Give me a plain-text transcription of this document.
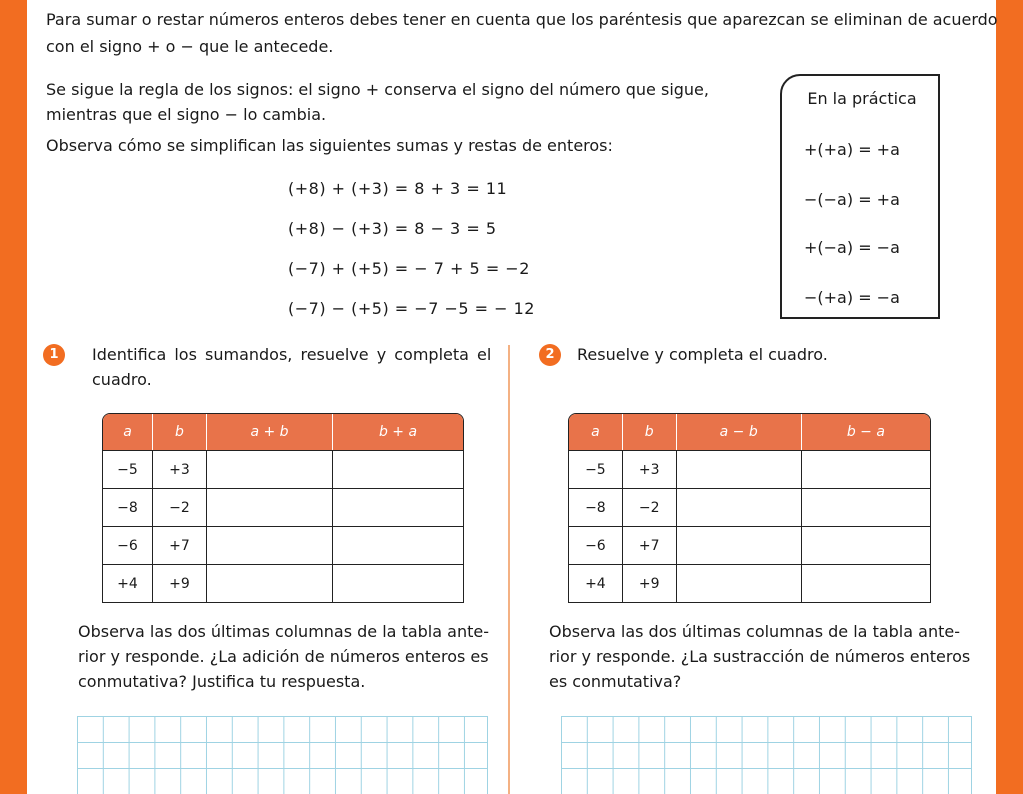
Para sumar o restar números enteros debes tener en cuenta que los paréntesis que aparezcan se eliminan de acuerdo
con el signo + o − que le antecede.
Se sigue la regla de los signos: el signo + conserva el signo del número que sigue,
mientras que el signo − lo cambia.
Observa cómo se simplifican las siguientes sumas y restas de enteros:
(+8) + (+3) = 8 + 3 = 11
(+8) − (+3) = 8 − 3 = 5
(−7) + (+5) = − 7 + 5 = −2
(−7) − (+5) = −7 −5 = − 12
En la práctica
+(+a) = +a
−(−a) = +a
+(−a) = −a
−(+a) = −a
1	Identifica los sumandos, resuelve y completa el
cuadro.
2	Resuelve y completa el cuadro.
a	b	a + b	b + a
−5	+3		
−8	−2		
−6	+7		
+4	+9		
a	b	a − b	b − a
−5	+3		
−8	−2		
−6	+7		
+4	+9		
Observa las dos últimas columnas de la tabla ante-
rior y responde. ¿La adición de números enteros es
conmutativa? Justifica tu respuesta.
Observa las dos últimas columnas de la tabla ante-
rior y responde. ¿La sustracción de números enteros
es conmutativa?
